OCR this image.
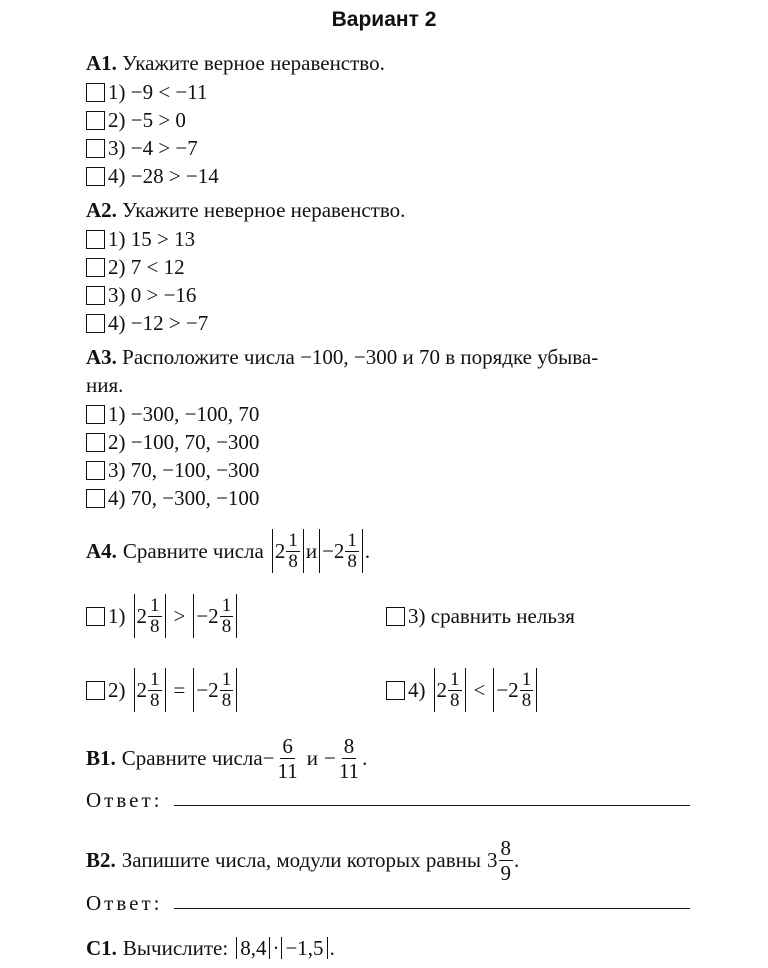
Вариант 2
А1. Укажите верное неравенство.
1) −9 < −11
2) −5 > 0
3) −4 > −7
4) −28 > −14
А2. Укажите неверное неравенство.
1) 15 > 13
2) 7 < 12
3) 0 > −16
4) −12 > −7
А3. Расположите числа −100, −300 и 70 в порядке убыва-
ния.
1) −300, −100, 70
2) −100, 70, −300
3) 70, −100, −300
4) 70, −300, −100
А4. Сравните числа $2 \frac{1}{8}$ $и -2 \frac{1}{8}$ .
1) $2 \frac{1}{8} > -2 \frac{1}{8}$	3) сравнить нельзя
2) $2 \frac{1}{8} = -2 \frac{1}{8}$	4) $2 \frac{1}{8} < -2 \frac{1}{8}$
В1. Сравните числа − $\frac{6}{11}$ $и - \frac{8}{11}$ .
Ответ:
В2. Запишите числа, модули которых равны $3 \frac{8}{9}$ .
Ответ:
С1. Вычислите: 8,4 · −1,5 .
